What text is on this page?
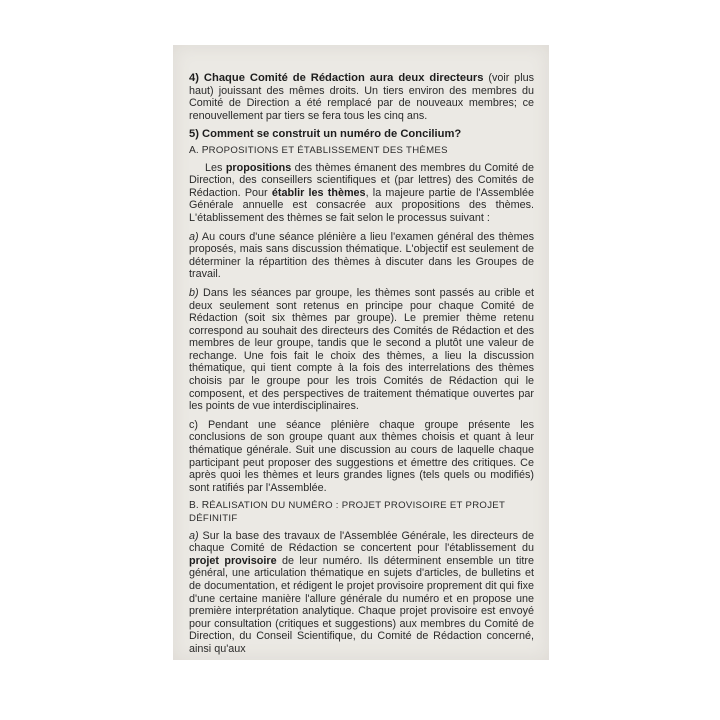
4) Chaque Comité de Rédaction aura deux directeurs (voir plus haut) jouissant des mêmes droits. Un tiers environ des membres du Comité de Direction a été remplacé par de nouveaux membres; ce renouvellement par tiers se fera tous les cinq ans.

5) Comment se construit un numéro de Concilium?

A. PROPOSITIONS ET ÉTABLISSEMENT DES THÈMES

Les propositions des thèmes émanent des membres du Comité de Direction, des conseillers scientifiques et (par lettres) des Comités de Rédaction. Pour établir les thèmes, la majeure partie de l'Assemblée Générale annuelle est consacrée aux propositions des thèmes. L'établissement des thèmes se fait selon le processus suivant :

a) Au cours d'une séance plénière a lieu l'examen général des thèmes proposés, mais sans discussion thématique. L'objectif est seulement de déterminer la répartition des thèmes à discuter dans les Groupes de travail.

b) Dans les séances par groupe, les thèmes sont passés au crible et deux seulement sont retenus en principe pour chaque Comité de Rédaction (soit six thèmes par groupe). Le premier thème retenu correspond au souhait des directeurs des Comités de Rédaction et des membres de leur groupe, tandis que le second a plutôt une valeur de rechange. Une fois fait le choix des thèmes, a lieu la discussion thématique, qui tient compte à la fois des interrelations des thèmes choisis par le groupe pour les trois Comités de Rédaction qui le composent, et des perspectives de traitement thématique ouvertes par les points de vue interdisciplinaires.

c) Pendant une séance plénière chaque groupe présente les conclusions de son groupe quant aux thèmes choisis et quant à leur thématique générale. Suit une discussion au cours de laquelle chaque participant peut proposer des suggestions et émettre des critiques. Ce après quoi les thèmes et leurs grandes lignes (tels quels ou modifiés) sont ratifiés par l'Assemblée.

B. RÉALISATION DU NUMÉRO : PROJET PROVISOIRE ET PROJET DÉFINITIF

a) Sur la base des travaux de l'Assemblée Générale, les directeurs de chaque Comité de Rédaction se concertent pour l'établissement du projet provisoire de leur numéro. Ils déterminent ensemble un titre général, une articulation thématique en sujets d'articles, de bulletins et de documentation, et rédigent le projet provisoire proprement dit qui fixe d'une certaine manière l'allure générale du numéro et en propose une première interprétation analytique. Chaque projet provisoire est envoyé pour consultation (critiques et suggestions) aux membres du Comité de Direction, du Conseil Scientifique, du Comité de Rédaction concerné, ainsi qu'aux
